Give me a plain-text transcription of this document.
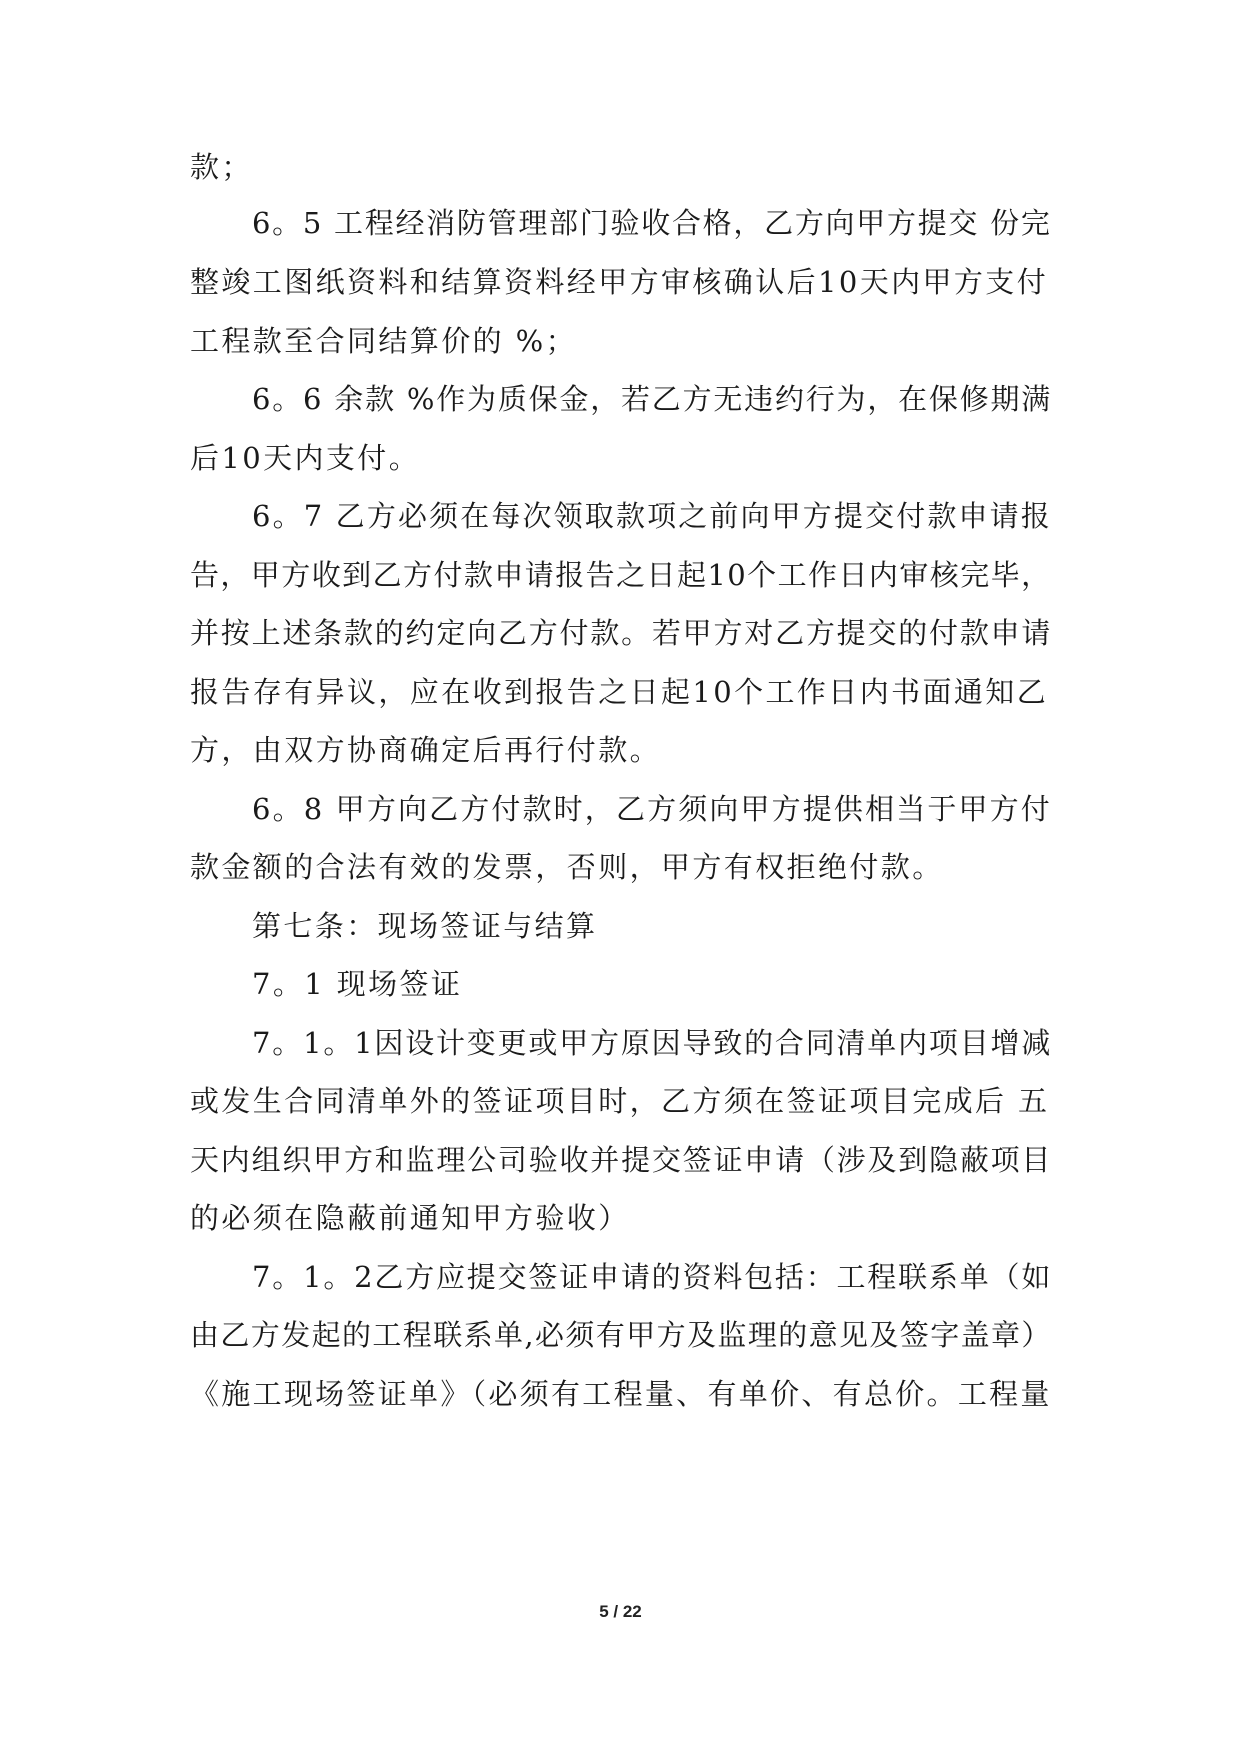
款；
6。5 工程经消防管理部门验收合格，乙方向甲方提交 份完
整竣工图纸资料和结算资料经甲方审核确认后10天内甲方支付
工程款至合同结算价的 %；
6。6 余款 %作为质保金，若乙方无违约行为，在保修期满
后10天内支付。
6。7 乙方必须在每次领取款项之前向甲方提交付款申请报
告，甲方收到乙方付款申请报告之日起10个工作日内审核完毕，
并按上述条款的约定向乙方付款。若甲方对乙方提交的付款申请
报告存有异议，应在收到报告之日起10个工作日内书面通知乙
方，由双方协商确定后再行付款。
6。8 甲方向乙方付款时，乙方须向甲方提供相当于甲方付
款金额的合法有效的发票，否则，甲方有权拒绝付款。
第七条：现场签证与结算
7。1 现场签证
7。1。1因设计变更或甲方原因导致的合同清单内项目增减
或发生合同清单外的签证项目时，乙方须在签证项目完成后 五
天内组织甲方和监理公司验收并提交签证申请（涉及到隐蔽项目
的必须在隐蔽前通知甲方验收）
7。1。2乙方应提交签证申请的资料包括：工程联系单（如
由乙方发起的工程联系单,必须有甲方及监理的意见及签字盖章）
《施工现场签证单》（必须有工程量、有单价、有总价。工程量
5 / 22
